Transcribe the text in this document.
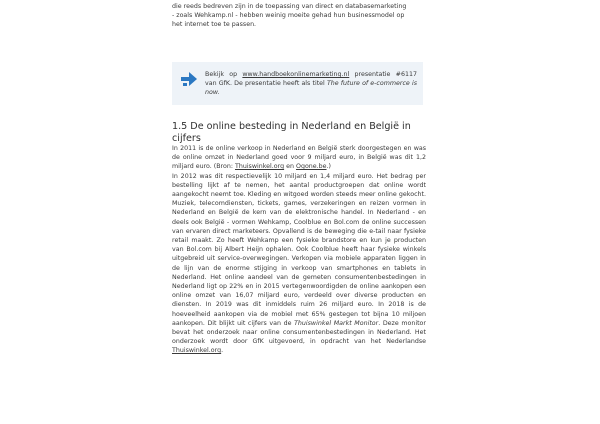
die reeds bedreven zijn in de toepassing van direct en databasemarketing

- zoals Wehkamp.nl - hebben weinig moeite gehad hun businessmodel op

het internet toe te passen.

Bekijk op www.handboekonlinemarketing.nl presentatie #6117 van GfK. De presentatie heeft als titel The future of e-commerce is now.

1.5 De online besteding in Nederland en België in cijfers

In 2011 is de online verkoop in Nederland en België sterk doorgestegen en was de online omzet in Nederland goed voor 9 miljard euro, in België was dit 1,2 miljard euro. (Bron: Thuiswinkel.org en Ogone.be.)

In 2012 was dit respectievelijk 10 miljard en 1,4 miljard euro. Het bedrag per bestelling lijkt af te nemen, het aantal productgroepen dat online wordt aangekocht neemt toe. Kleding en witgoed worden steeds meer online gekocht. Muziek, telecomdiensten, tickets, games, verzekeringen en reizen vormen in Nederland en België de kern van de elektronische handel. In Nederland - en deels ook België - vormen Wehkamp, Coolblue en Bol.com de online successen van ervaren direct marketeers. Opvallend is de beweging die e-tail naar fysieke retail maakt. Zo heeft Wehkamp een fysieke brandstore en kun je producten van Bol.com bij Albert Heijn ophalen. Ook Coolblue heeft haar fysieke winkels uitgebreid uit service-overwegingen. Verkopen via mobiele apparaten liggen in de lijn van de enorme stijging in verkoop van smartphones en tablets in Nederland. Het online aandeel van de gemeten consumentenbestedingen in Nederland ligt op 22% en in 2015 vertegenwoordigden de online aankopen een online omzet van 16,07 miljard euro, verdeeld over diverse producten en diensten. In 2019 was dit inmiddels ruim 26 miljard euro. In 2018 is de hoeveelheid aankopen via de mobiel met 65% gestegen tot bijna 10 miljoen aankopen. Dit blijkt uit cijfers van de Thuiswinkel Markt Monitor. Deze monitor bevat het onderzoek naar online consumentenbestedingen in Nederland. Het onderzoek wordt door GfK uitgevoerd, in opdracht van het Nederlandse Thuiswinkel.org.
